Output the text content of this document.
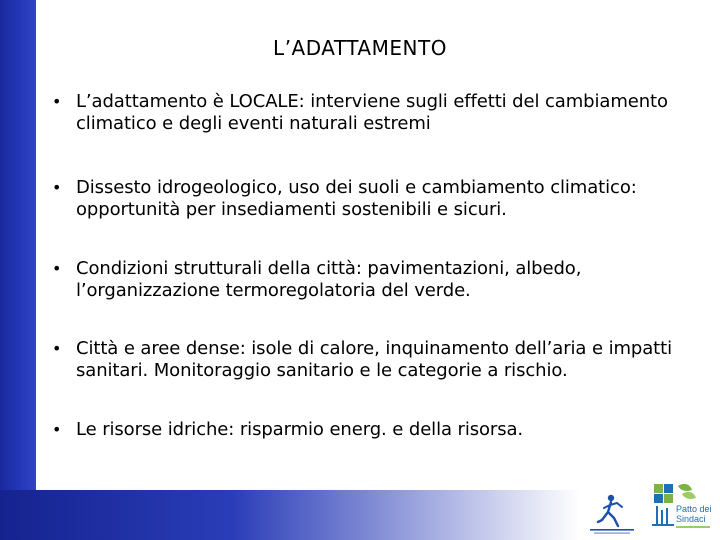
L’ADATTAMENTO
• L’adattamento è LOCALE: interviene sugli effetti del cambiamento climatico e degli eventi naturali estremi
• Dissesto idrogeologico, uso dei suoli e cambiamento climatico: opportunità per insediamenti sostenibili e sicuri.
• Condizioni strutturali della città: pavimentazioni, albedo, l’organizzazione termoregolatoria del verde.
• Città e aree dense: isole di calore, inquinamento dell’aria e impatti sanitari. Monitoraggio sanitario e le categorie a rischio.
• Le risorse idriche: risparmio energ. e della risorsa.
Patto dei
Sindaci
